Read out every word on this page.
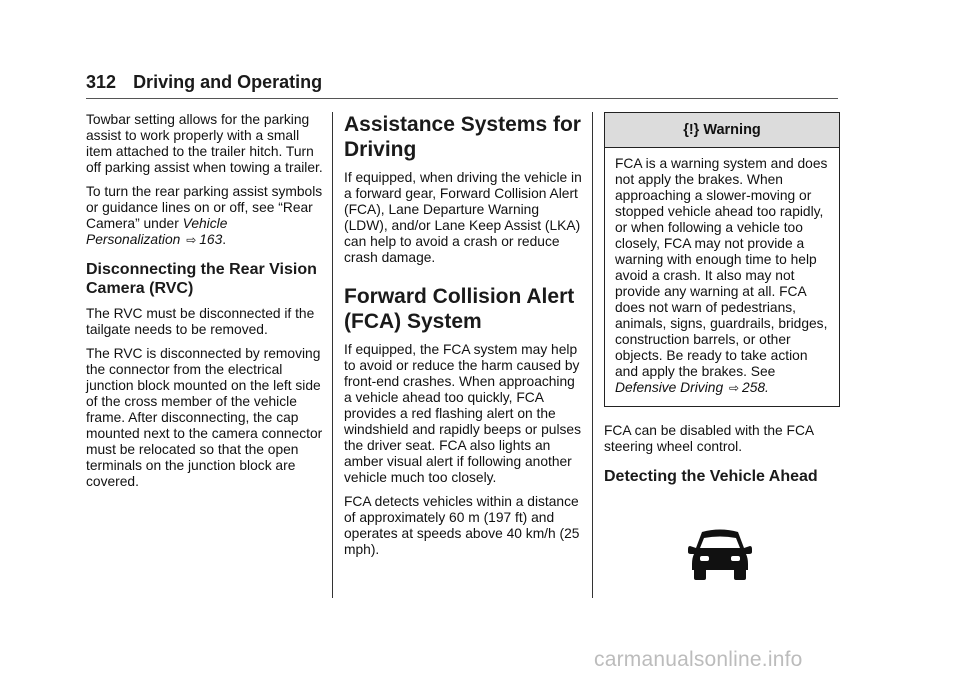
312 Driving and Operating

Towbar setting allows for the parking assist to work properly with a small item attached to the trailer hitch. Turn off parking assist when towing a trailer.

To turn the rear parking assist symbols or guidance lines on or off, see “Rear Camera” under Vehicle Personalization ⇨ 163.

Disconnecting the Rear Vision Camera (RVC)

The RVC must be disconnected if the tailgate needs to be removed.

The RVC is disconnected by removing the connector from the electrical junction block mounted on the left side of the cross member of the vehicle frame. After disconnecting, the cap mounted next to the camera connector must be relocated so that the open terminals on the junction block are covered.

Assistance Systems for Driving

If equipped, when driving the vehicle in a forward gear, Forward Collision Alert (FCA), Lane Departure Warning (LDW), and/or Lane Keep Assist (LKA) can help to avoid a crash or reduce crash damage.

Forward Collision Alert (FCA) System

If equipped, the FCA system may help to avoid or reduce the harm caused by front-end crashes. When approaching a vehicle ahead too quickly, FCA provides a red flashing alert on the windshield and rapidly beeps or pulses the driver seat. FCA also lights an amber visual alert if following another vehicle much too closely.

FCA detects vehicles within a distance of approximately 60 m (197 ft) and operates at speeds above 40 km/h (25 mph).

{!} Warning

FCA is a warning system and does not apply the brakes. When approaching a slower-moving or stopped vehicle ahead too rapidly, or when following a vehicle too closely, FCA may not provide a warning with enough time to help avoid a crash. It also may not provide any warning at all. FCA does not warn of pedestrians, animals, signs, guardrails, bridges, construction barrels, or other objects. Be ready to take action and apply the brakes. See Defensive Driving ⇨ 258.

FCA can be disabled with the FCA steering wheel control.

Detecting the Vehicle Ahead
carmanualsonline.info
